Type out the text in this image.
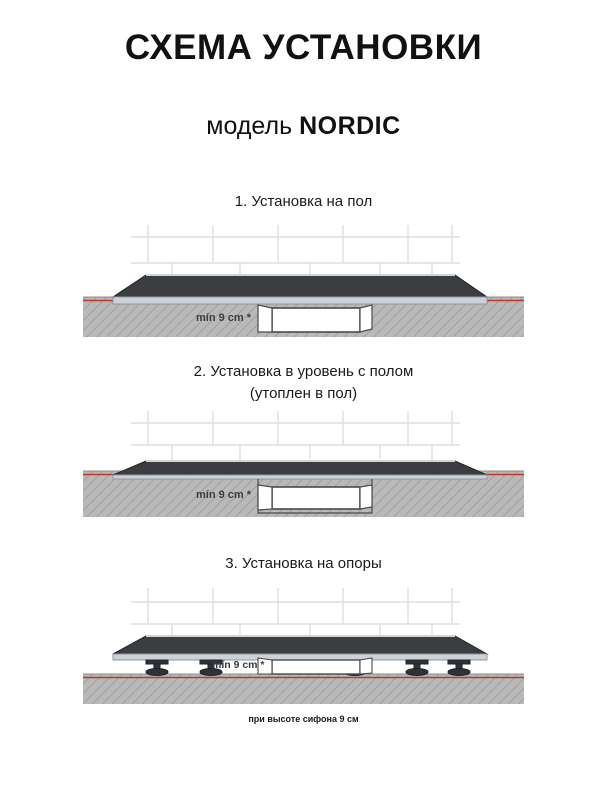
СХЕМА УСТАНОВКИ
модель NORDIC
1. Установка на пол
mín 9 cm *
2. Установка в уровень с полом
(утоплен в пол)
mín 9 cm *
3. Установка на опоры
mín 9 cm *
при высоте сифона 9 см
